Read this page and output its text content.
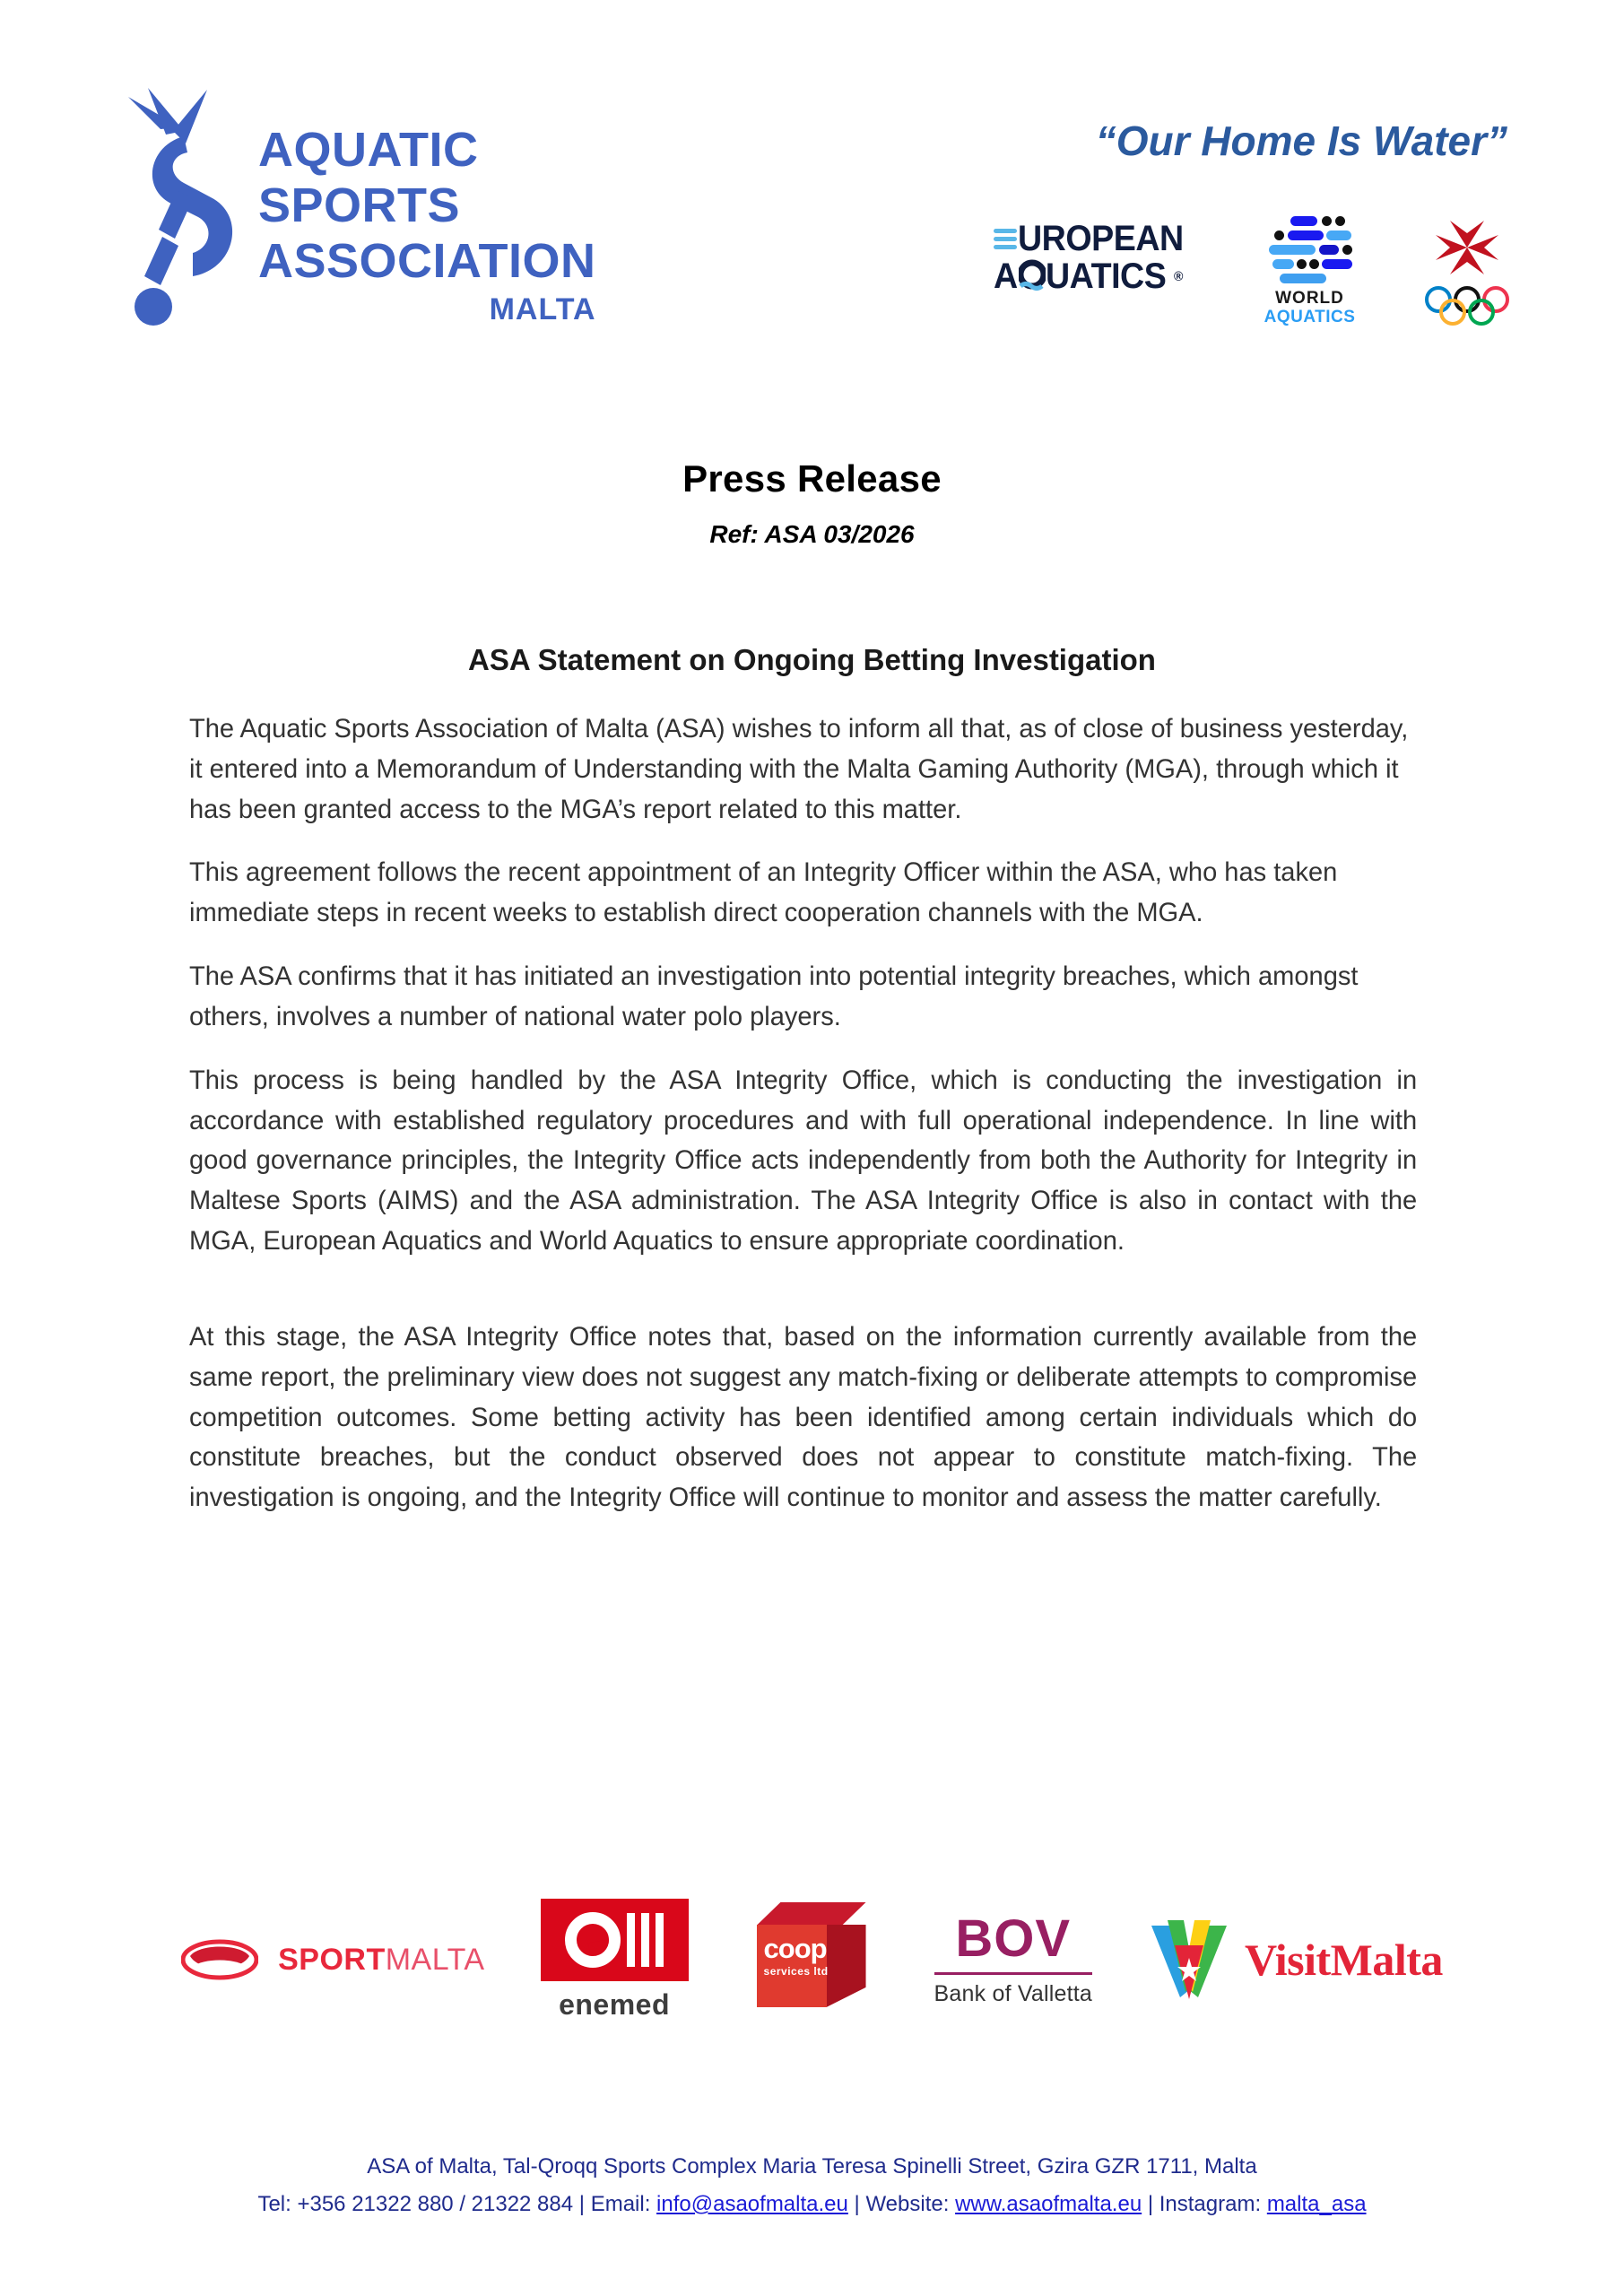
AQUATIC
SPORTS
ASSOCIATION
MALTA
“Our Home Is Water”
UROPEAN
A UATICS ®
WORLD
AQUATICS
Press Release
Ref: ASA 03/2026
ASA Statement on Ongoing Betting Investigation

The Aquatic Sports Association of Malta (ASA) wishes to inform all that, as of close of business yesterday, it entered into a Memorandum of Understanding with the Malta Gaming Authority (MGA), through which it has been granted access to the MGA’s report related to this matter.

This agreement follows the recent appointment of an Integrity Officer within the ASA, who has taken immediate steps in recent weeks to establish direct cooperation channels with the MGA.

The ASA confirms that it has initiated an investigation into potential integrity breaches, which amongst others, involves a number of national water polo players.

This process is being handled by the ASA Integrity Office, which is conducting the investigation in accordance with established regulatory procedures and with full operational independence. In line with good governance principles, the Integrity Office acts independently from both the Authority for Integrity in Maltese Sports (AIMS) and the ASA administration. The ASA Integrity Office is also in contact with the MGA, European Aquatics and World Aquatics to ensure appropriate coordination.

At this stage, the ASA Integrity Office notes that, based on the information currently available from the same report, the preliminary view does not suggest any match-fixing or deliberate attempts to compromise competition outcomes. Some betting activity has been identified among certain individuals which do constitute breaches, but the conduct observed does not appear to constitute match-fixing. The investigation is ongoing, and the Integrity Office will continue to monitor and assess the matter carefully.

SPORTMALTA
enemed
coop
services ltd
BOV
Bank of Valletta
VisitMalta
ASA of Malta, Tal-Qroqq Sports Complex Maria Teresa Spinelli Street, Gzira GZR 1711, Malta
Tel: +356 21322 880 / 21322 884 | Email: info@asaofmalta.eu | Website: www.asaofmalta.eu | Instagram: malta_asa
